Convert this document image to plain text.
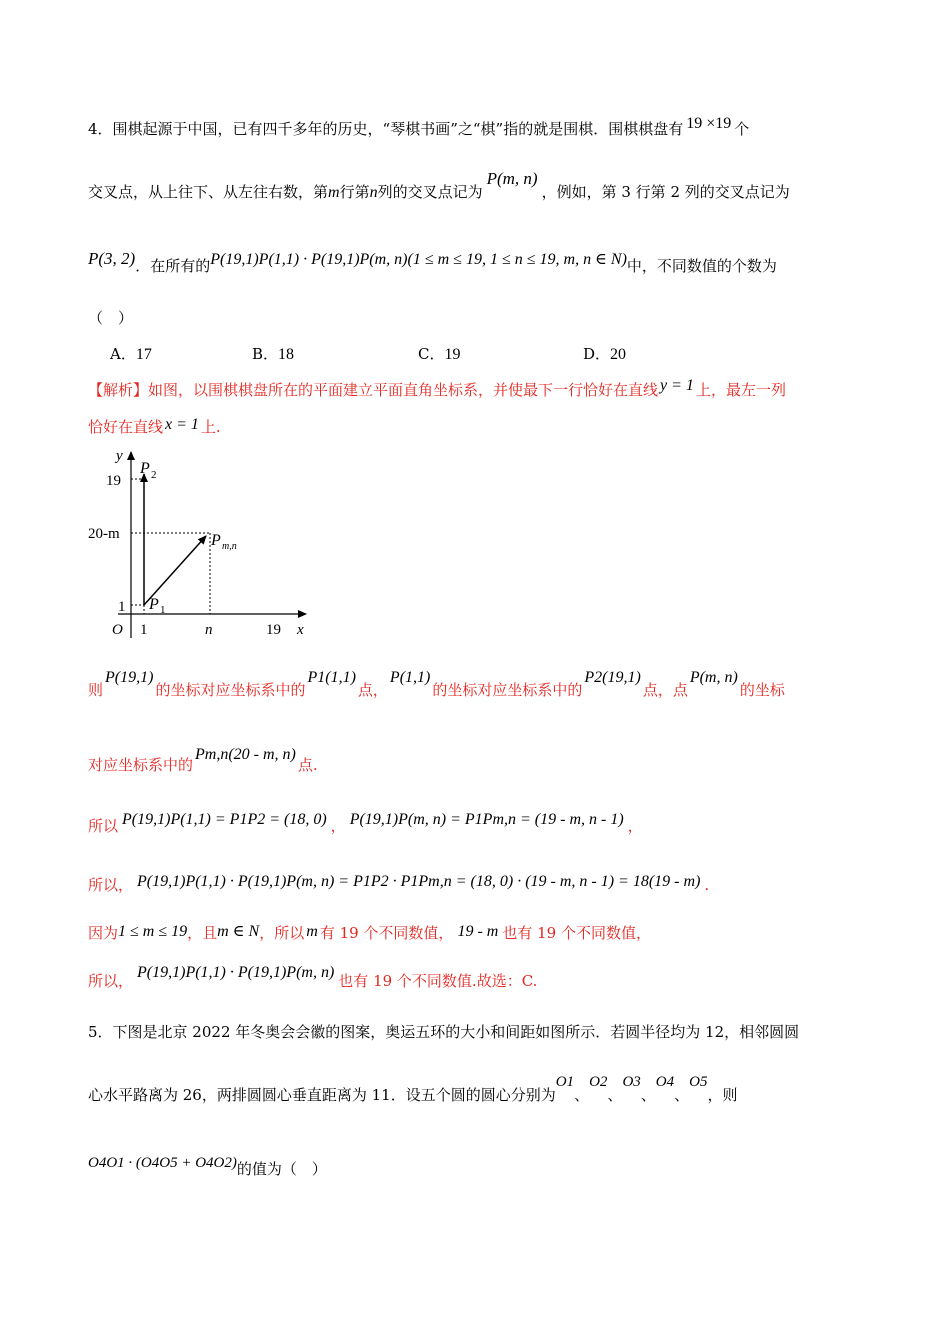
4．围棋起源于中国，已有四千多年的历史，“琴棋书画”之“棋”指的就是围棋．围棋棋盘有 19 ×19 个
交叉点，从上往下、从左往右数，第m行第n列的交叉点记为P(m, n)，例如，第 3 行第 2 列的交叉点记为
P(3, 2)．在所有的P(19,1)P(1,1) · P(19,1)P(m, n)(1 ≤ m ≤ 19, 1 ≤ n ≤ 19, m, n ∈ N)中，不同数值的个数为
（　）
A．17	B．18	C．19	D．20
【解析】如图，以围棋棋盘所在的平面建立平面直角坐标系，并使最下一行恰好在直线 y = 1 上，最左一列
恰好在直线 x = 1 上.
y
x
O
19
20-m
1
1	n	19
P 2
P 1
P m,n
则P(19,1)的坐标对应坐标系中的P1(1,1)点，P(1,1)的坐标对应坐标系中的P2(19,1)点，点P(m, n)的坐标
对应坐标系中的Pm,n(20 - m, n)点.
所以 P(19,1)P(1,1) = P1P2 = (18, 0) ， P(19,1)P(m, n) = P1Pm,n = (19 - m, n - 1) ，
所以， P(19,1)P(1,1) · P(19,1)P(m, n) = P1P2 · P1Pm,n = (18, 0) · (19 - m, n - 1) = 18(19 - m) .
因为1 ≤ m ≤ 19，且m ∈ N，所以 m 有 19 个不同数值， 19 - m 也有 19 个不同数值，
所以， P(19,1)P(1,1) · P(19,1)P(m, n) 也有 19 个不同数值.故选：C.
5．下图是北京 2022 年冬奥会会徽的图案，奥运五环的大小和间距如图所示．若圆半径均为 12，相邻圆圆
心水平路离为 26，两排圆圆心垂直距离为 11．设五个圆的圆心分别为O1、O2、O3、O4、O5，则
O4O1 · (O4O5 + O4O2)的值为（　）
